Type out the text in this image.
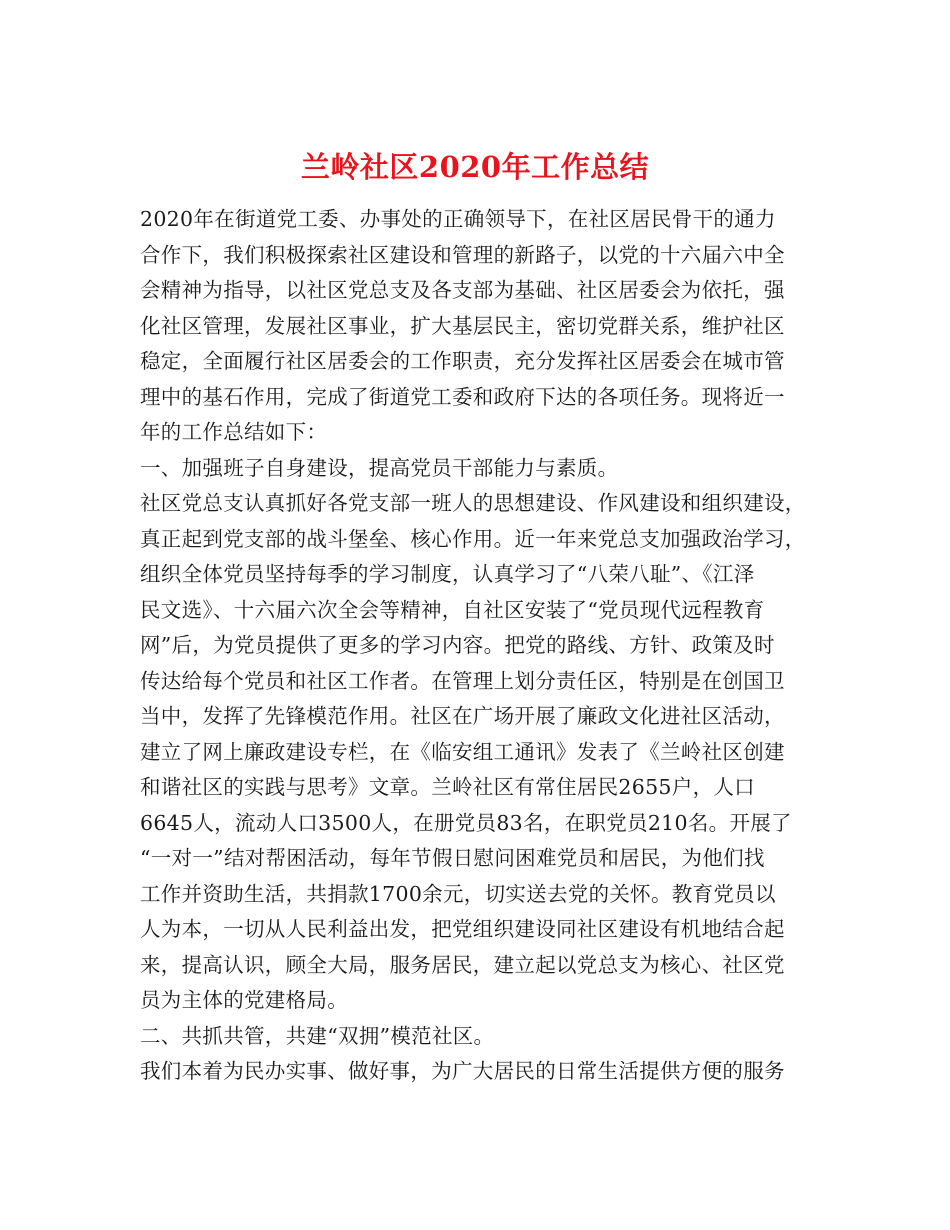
兰岭社区2020年工作总结
2020年在街道党工委、办事处的正确领导下，在社区居民骨干的通力
合作下，我们积极探索社区建设和管理的新路子，以党的十六届六中全
会精神为指导，以社区党总支及各支部为基础、社区居委会为依托，强
化社区管理，发展社区事业，扩大基层民主，密切党群关系，维护社区
稳定，全面履行社区居委会的工作职责，充分发挥社区居委会在城市管
理中的基石作用，完成了街道党工委和政府下达的各项任务。现将近一
年的工作总结如下：
一、加强班子自身建设，提高党员干部能力与素质。
社区党总支认真抓好各党支部一班人的思想建设、作风建设和组织建设，
真正起到党支部的战斗堡垒、核心作用。近一年来党总支加强政治学习，
组织全体党员坚持每季的学习制度，认真学习了“八荣八耻”、《江泽
民文选》、十六届六次全会等精神，自社区安装了“党员现代远程教育
网”后，为党员提供了更多的学习内容。把党的路线、方针、政策及时
传达给每个党员和社区工作者。在管理上划分责任区，特别是在创国卫
当中，发挥了先锋模范作用。社区在广场开展了廉政文化进社区活动，
建立了网上廉政建设专栏，在《临安组工通讯》发表了《兰岭社区创建
和谐社区的实践与思考》文章。兰岭社区有常住居民2655户，人口
6645人，流动人口3500人，在册党员83名，在职党员210名。开展了
“一对一”结对帮困活动，每年节假日慰问困难党员和居民，为他们找
工作并资助生活，共捐款1700余元，切实送去党的关怀。教育党员以
人为本，一切从人民利益出发，把党组织建设同社区建设有机地结合起
来，提高认识，顾全大局，服务居民，建立起以党总支为核心、社区党
员为主体的党建格局。
二、共抓共管，共建“双拥”模范社区。
我们本着为民办实事、做好事，为广大居民的日常生活提供方便的服务
